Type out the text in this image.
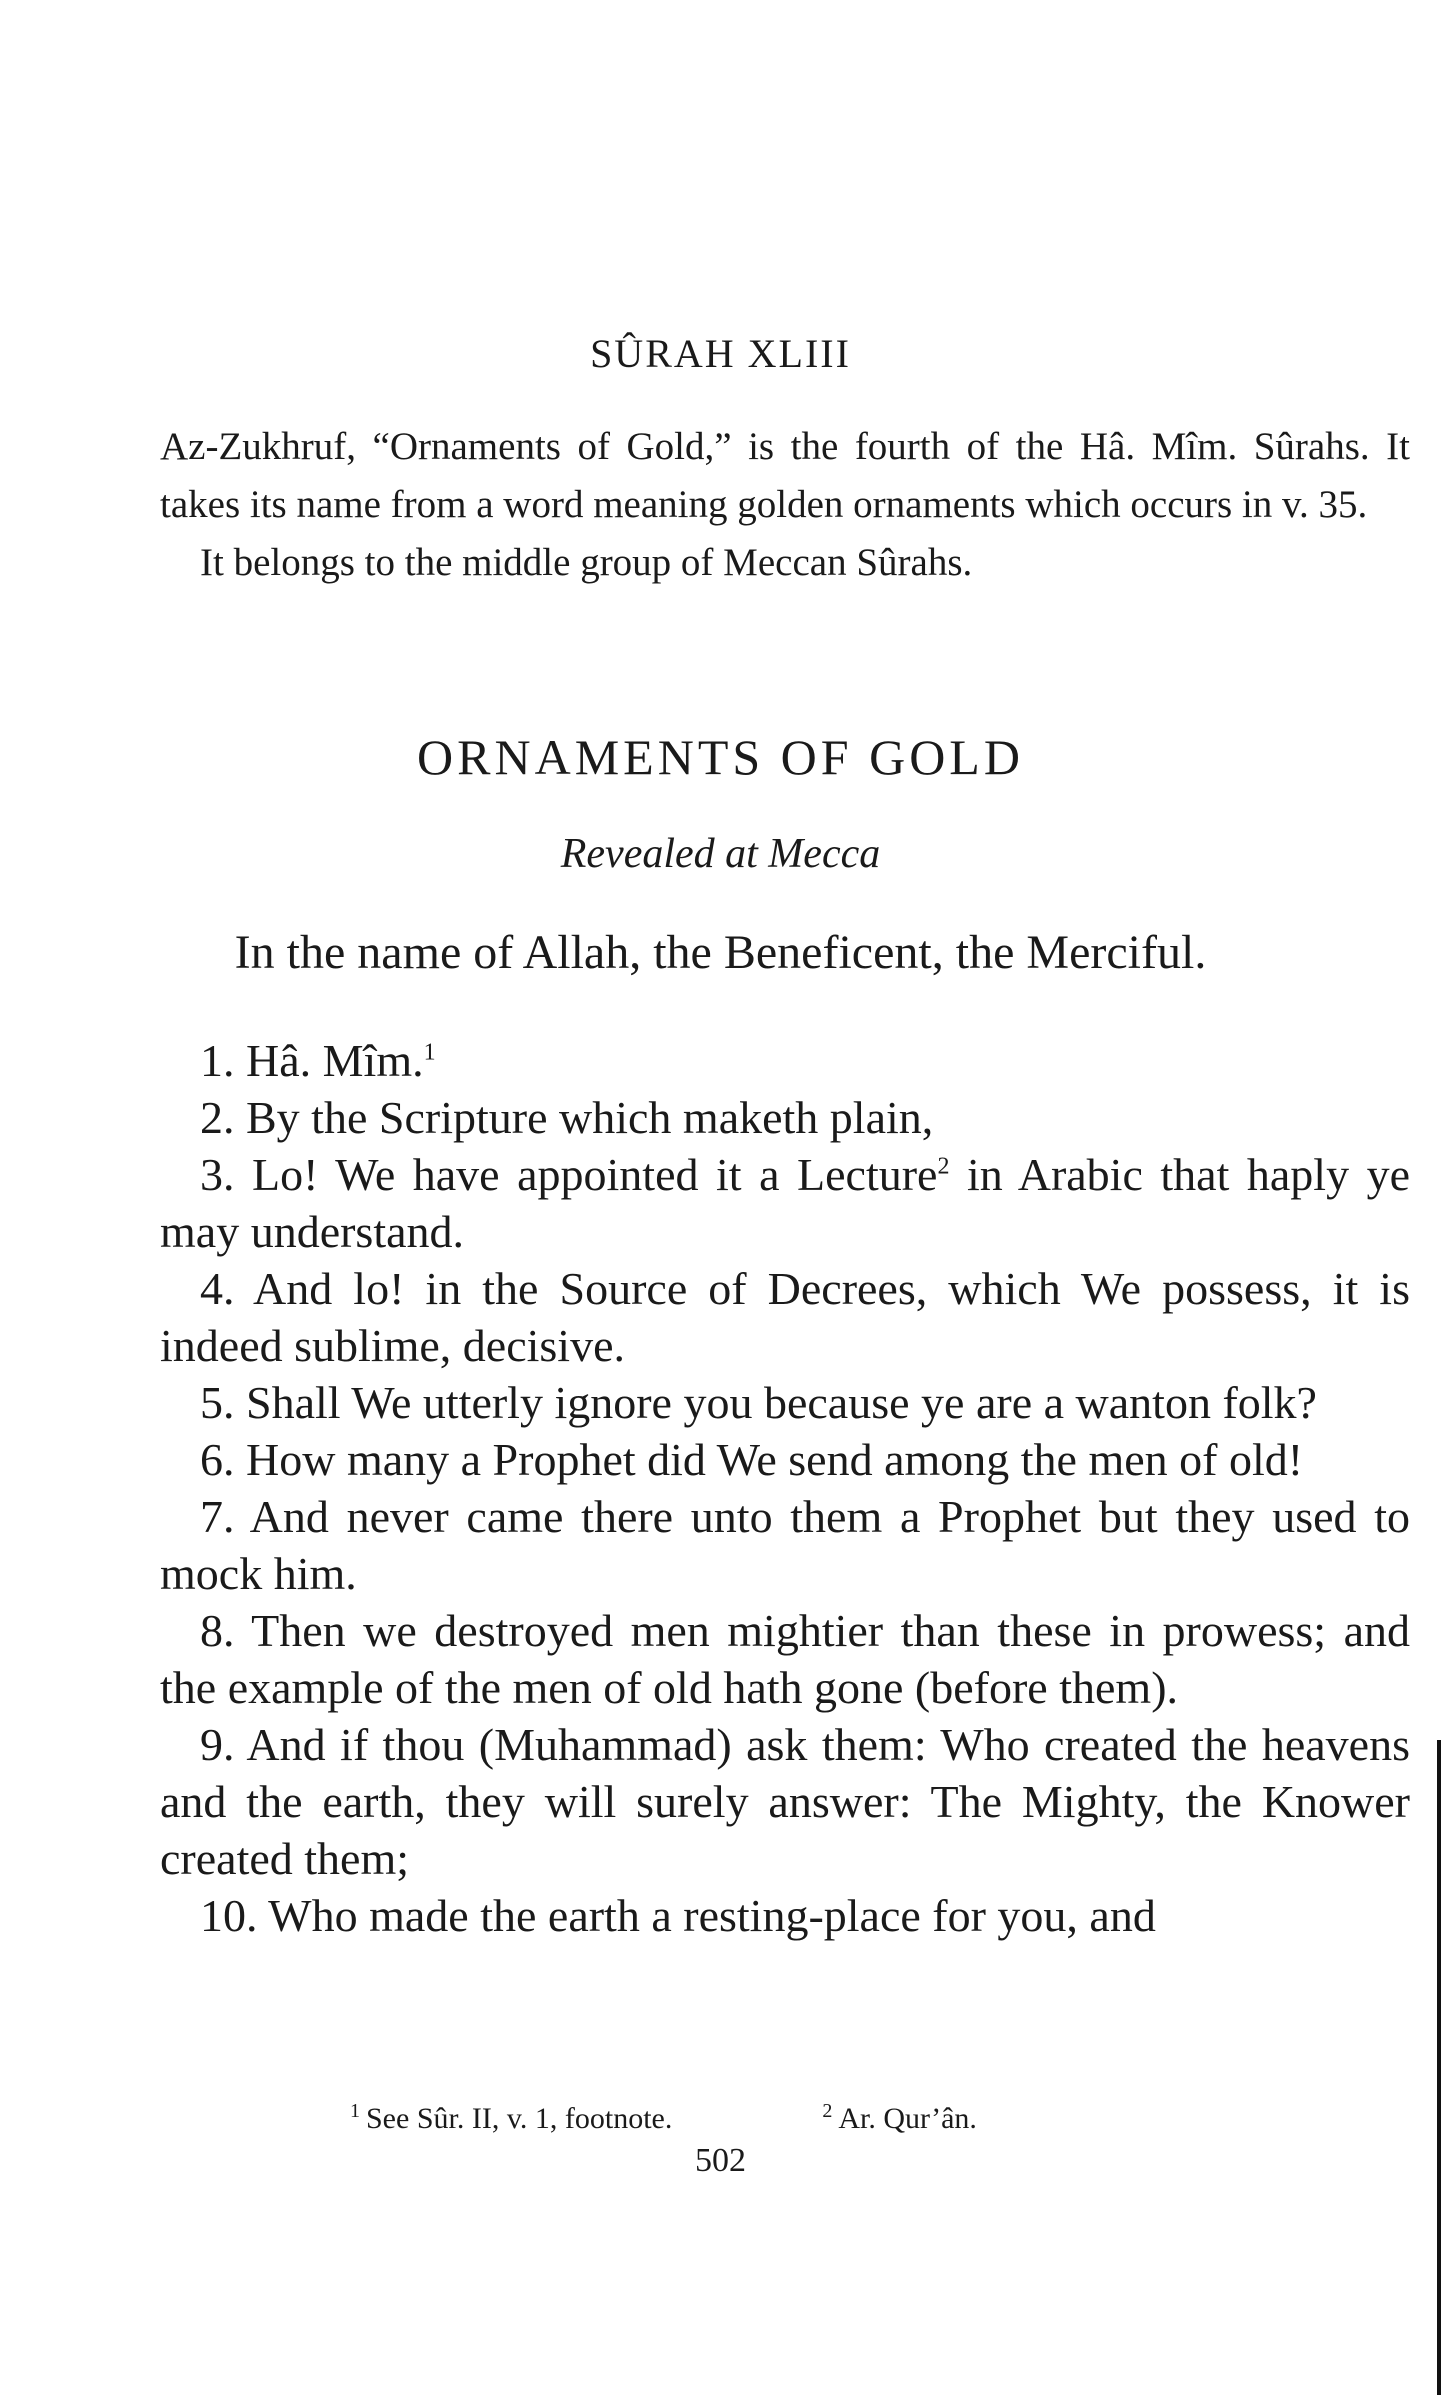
SÛRAH XLIII

Az-Zukhruf, “Ornaments of Gold,” is the fourth of the Hâ. Mîm. Sûrahs. It takes its name from a word meaning golden ornaments which occurs in v. 35.

It belongs to the middle group of Meccan Sûrahs.

ORNAMENTS OF GOLD
Revealed at Mecca
In the name of Allah, the Beneficent, the Merciful.

1. Hâ. Mîm.$^1$

2. By the Scripture which maketh plain,

3. Lo! We have appointed it a Lecture$^2$ in Arabic that haply ye may understand.

4. And lo! in the Source of Decrees, which We possess, it is indeed sublime, decisive.

5. Shall We utterly ignore you because ye are a wanton folk?

6. How many a Prophet did We send among the men of old!

7. And never came there unto them a Prophet but they used to mock him.

8. Then we destroyed men mightier than these in prowess; and the example of the men of old hath gone (before them).

9. And if thou (Muhammad) ask them: Who created the heavens and the earth, they will surely answer: The Mighty, the Knower created them;

10. Who made the earth a resting-place for you, and

$^1$ See Sûr. II, v. 1, footnote.	$^2$ Ar. Qur’ân.
502
